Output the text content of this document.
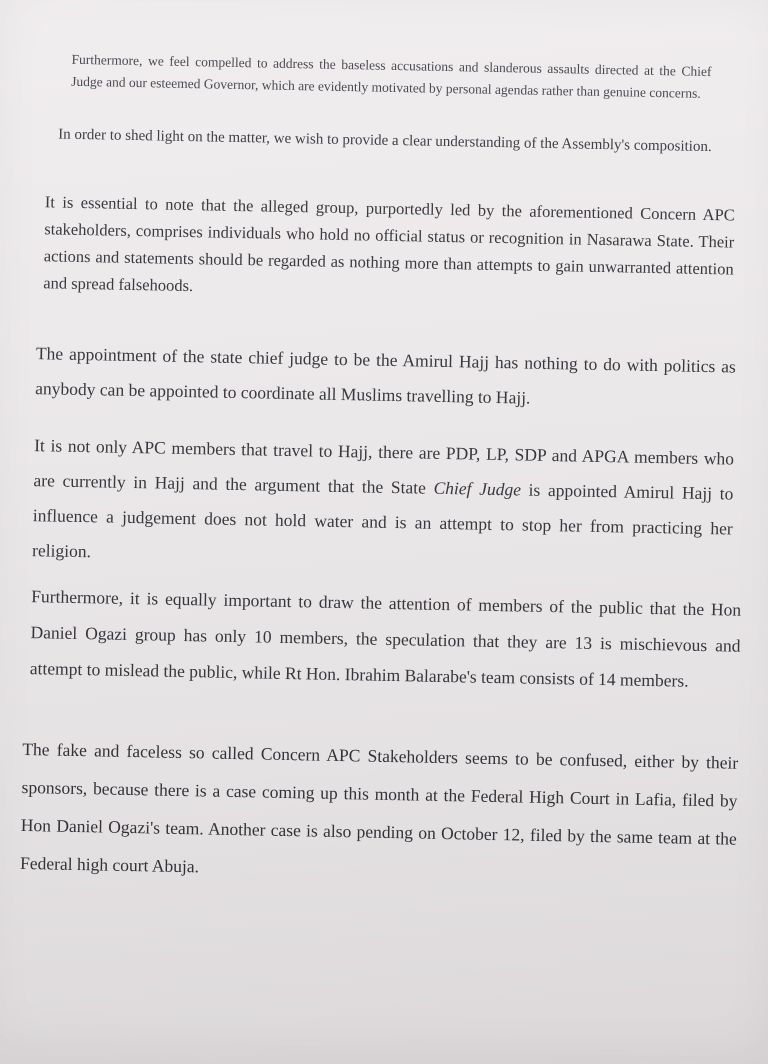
Furthermore, we feel compelled to address the baseless accusations and slanderous assaults directed at the Chief Judge and our esteemed Governor, which are evidently motivated by personal agendas rather than genuine concerns.

In order to shed light on the matter, we wish to provide a clear understanding of the Assembly's composition.

It is essential to note that the alleged group, purportedly led by the aforementioned Concern APC stakeholders, comprises individuals who hold no official status or recognition in Nasarawa State. Their actions and statements should be regarded as nothing more than attempts to gain unwarranted attention and spread falsehoods.

The appointment of the state chief judge to be the Amirul Hajj has nothing to do with politics as anybody can be appointed to coordinate all Muslims travelling to Hajj.

It is not only APC members that travel to Hajj, there are PDP, LP, SDP and APGA members who are currently in Hajj and the argument that the State Chief Judge is appointed Amirul Hajj to influence a judgement does not hold water and is an attempt to stop her from practicing her religion.

Furthermore, it is equally important to draw the attention of members of the public that the Hon Daniel Ogazi group has only 10 members, the speculation that they are 13 is mischievous and attempt to mislead the public, while Rt Hon. Ibrahim Balarabe's team consists of 14 members.

The fake and faceless so called Concern APC Stakeholders seems to be confused, either by their sponsors, because there is a case coming up this month at the Federal High Court in Lafia, filed by Hon Daniel Ogazi's team. Another case is also pending on October 12, filed by the same team at the Federal high court Abuja.
